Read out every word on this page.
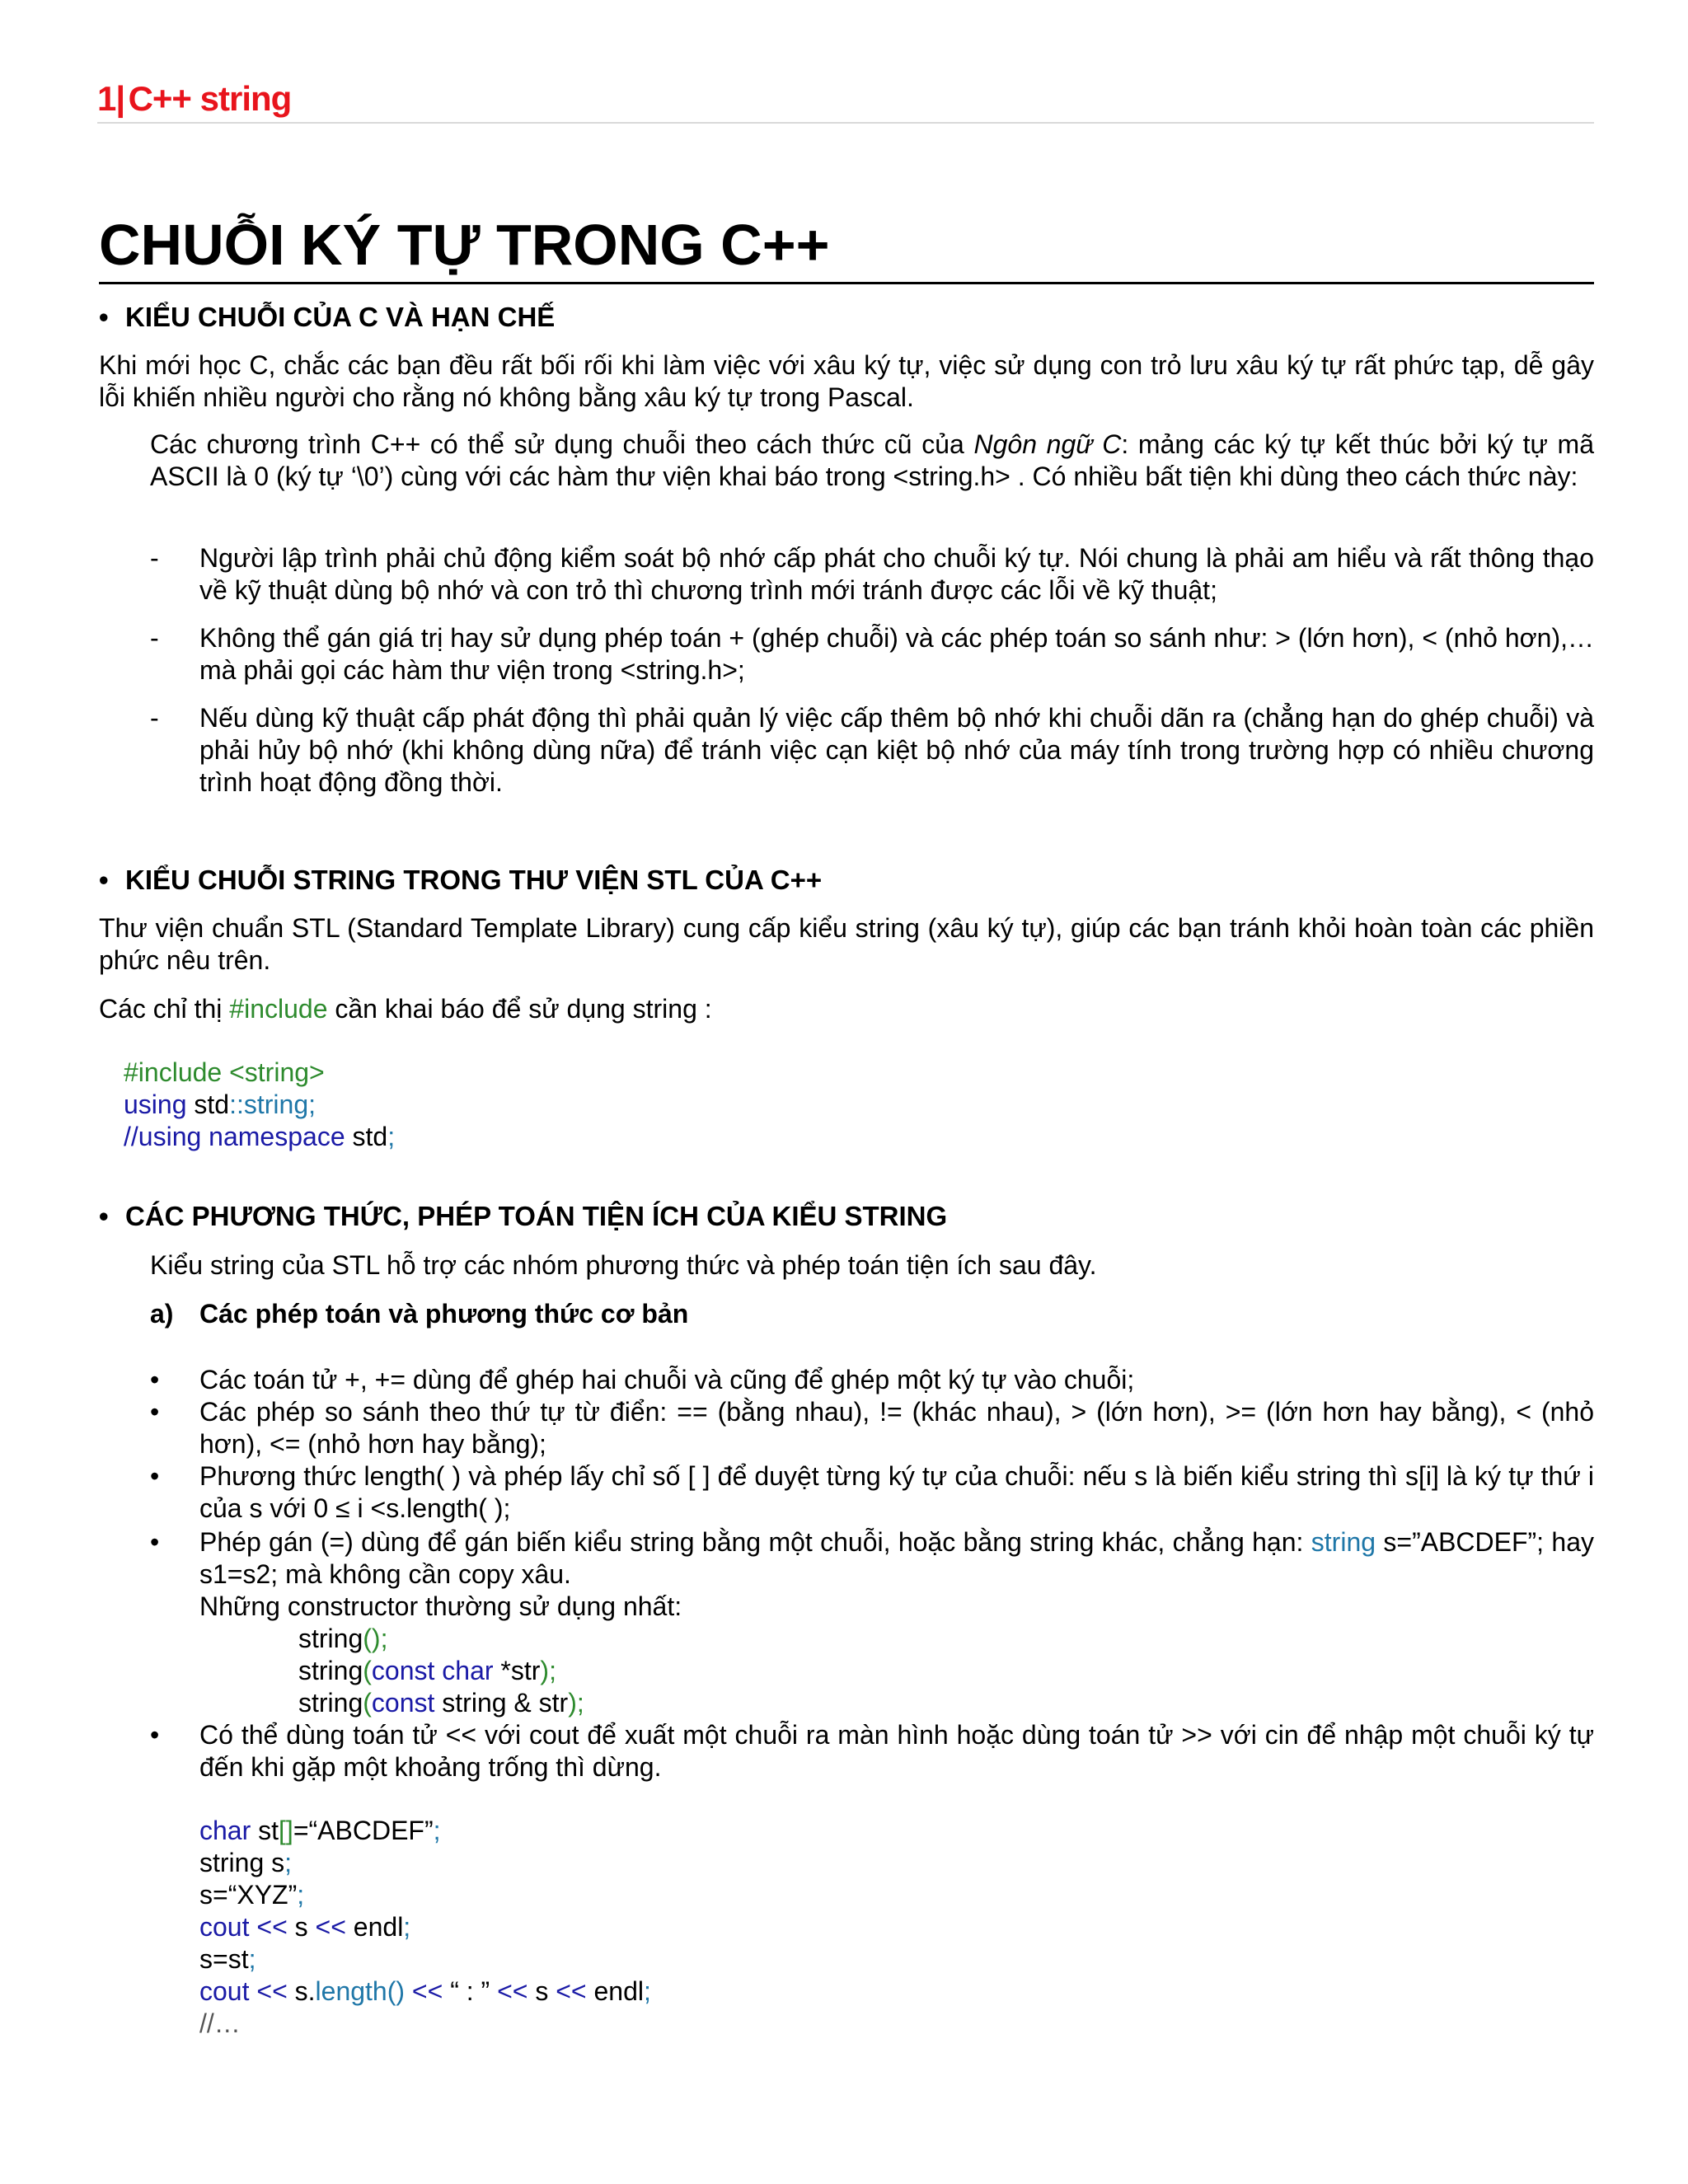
1| C++ string
CHUỖI KÝ TỰ TRONG C++
• KIỂU CHUỖI CỦA C VÀ HẠN CHẾ
Khi mới học C, chắc các bạn đều rất bối rối khi làm việc với xâu ký tự, việc sử dụng con trỏ lưu xâu ký tự rất phức tạp, dễ gây lỗi khiến nhiều người cho rằng nó không bằng xâu ký tự trong Pascal.
Các chương trình C++ có thể sử dụng chuỗi theo cách thức cũ của Ngôn ngữ C: mảng các ký tự kết thúc bởi ký tự mã ASCII là 0 (ký tự ‘\0’) cùng với các hàm thư viện khai báo trong <string.h> . Có nhiều bất tiện khi dùng theo cách thức này:
- Người lập trình phải chủ động kiểm soát bộ nhớ cấp phát cho chuỗi ký tự. Nói chung là phải am hiểu và rất thông thạo về kỹ thuật dùng bộ nhớ và con trỏ thì chương trình mới tránh được các lỗi về kỹ thuật;
- Không thể gán giá trị hay sử dụng phép toán + (ghép chuỗi) và các phép toán so sánh như: > (lớn hơn), < (nhỏ hơn),… mà phải gọi các hàm thư viện trong <string.h>;
- Nếu dùng kỹ thuật cấp phát động thì phải quản lý việc cấp thêm bộ nhớ khi chuỗi dãn ra (chẳng hạn do ghép chuỗi) và phải hủy bộ nhớ (khi không dùng nữa) để tránh việc cạn kiệt bộ nhớ của máy tính trong trường hợp có nhiều chương trình hoạt động đồng thời.
• KIỂU CHUỖI STRING TRONG THƯ VIỆN STL CỦA C++
Thư viện chuẩn STL (Standard Template Library) cung cấp kiểu string (xâu ký tự), giúp các bạn tránh khỏi hoàn toàn các phiền phức nêu trên.
Các chỉ thị #include cần khai báo để sử dụng string :
#include <string>
using std::string;
//using namespace std;
• CÁC PHƯƠNG THỨC, PHÉP TOÁN TIỆN ÍCH CỦA KIỂU STRING
Kiểu string của STL hỗ trợ các nhóm phương thức và phép toán tiện ích sau đây.
a) Các phép toán và phương thức cơ bản
• Các toán tử +, += dùng để ghép hai chuỗi và cũng để ghép một ký tự vào chuỗi;
• Các phép so sánh theo thứ tự từ điển: == (bằng nhau), != (khác nhau), > (lớn hơn), >= (lớn hơn hay bằng), < (nhỏ hơn), <= (nhỏ hơn hay bằng);
• Phương thức length( ) và phép lấy chỉ số [ ] để duyệt từng ký tự của chuỗi: nếu s là biến kiểu string thì s[i] là ký tự thứ i của s với 0 ≤ i <s.length( );
• Phép gán (=) dùng để gán biến kiểu string bằng một chuỗi, hoặc bằng string khác, chẳng hạn: string s=”ABCDEF”; hay s1=s2; mà không cần copy xâu.
Những constructor thường sử dụng nhất:
string();
string(const char *str);
string(const string & str);
• Có thể dùng toán tử << với cout để xuất một chuỗi ra màn hình hoặc dùng toán tử >> với cin để nhập một chuỗi ký tự đến khi gặp một khoảng trống thì dừng.
char st[]=“ABCDEF”;
string s;
s=“XYZ”;
cout << s << endl;
s=st;
cout << s.length() << “ : ” << s << endl;
//…
